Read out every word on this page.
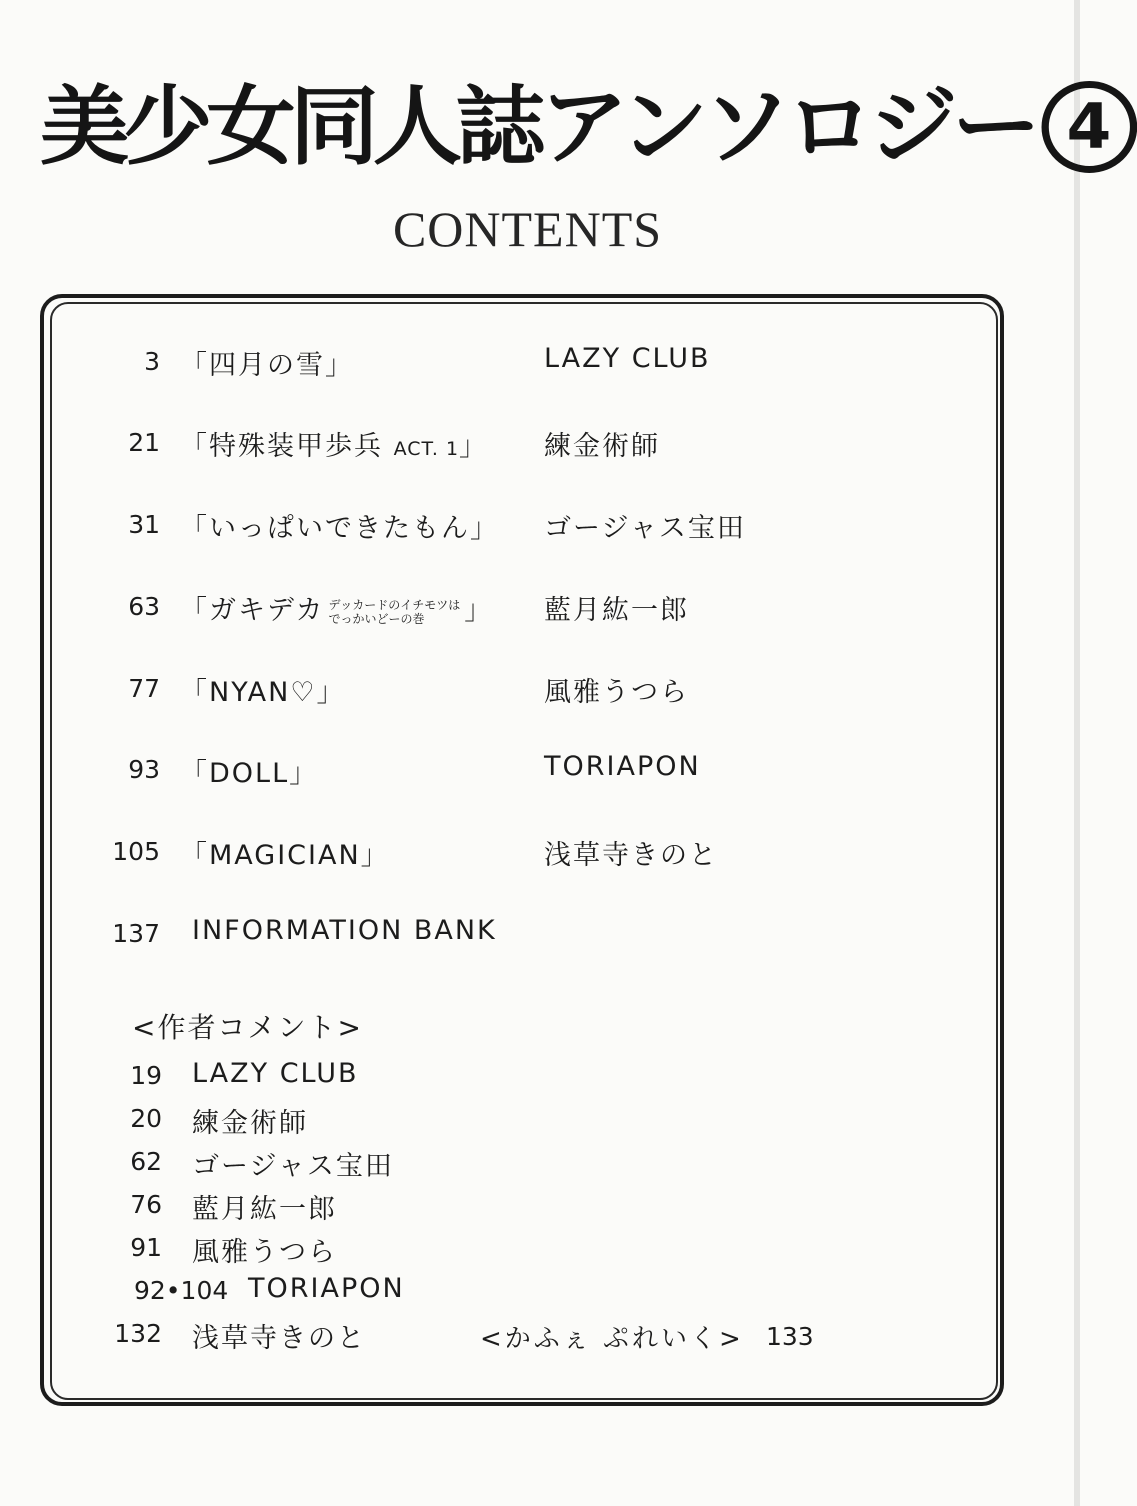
美少女同人誌アンソロジー 4
CONTENTS
3 「四月の雪」	LAZY CLUB
21 「特殊装甲歩兵 ACT. 1」 練金術師
31 「いっぱいできたもん」 ゴージャス宝田
63 「ガキデカ デッカードのイチモツは
でっかいどーの巻 」 藍月紘一郎
77 「NYAN♡」	風雅うつら
93 「DOLL」	TORIAPON
105 「MAGICIAN」	浅草寺きのと
137 INFORMATION BANK
<作者コメント>
19 LAZY CLUB
20 練金術師
62 ゴージャス宝田
76 藍月紘一郎
91 風雅うつら
92•104 TORIAPON
132 浅草寺きのと	<かふぇ ぷれいく> 133
